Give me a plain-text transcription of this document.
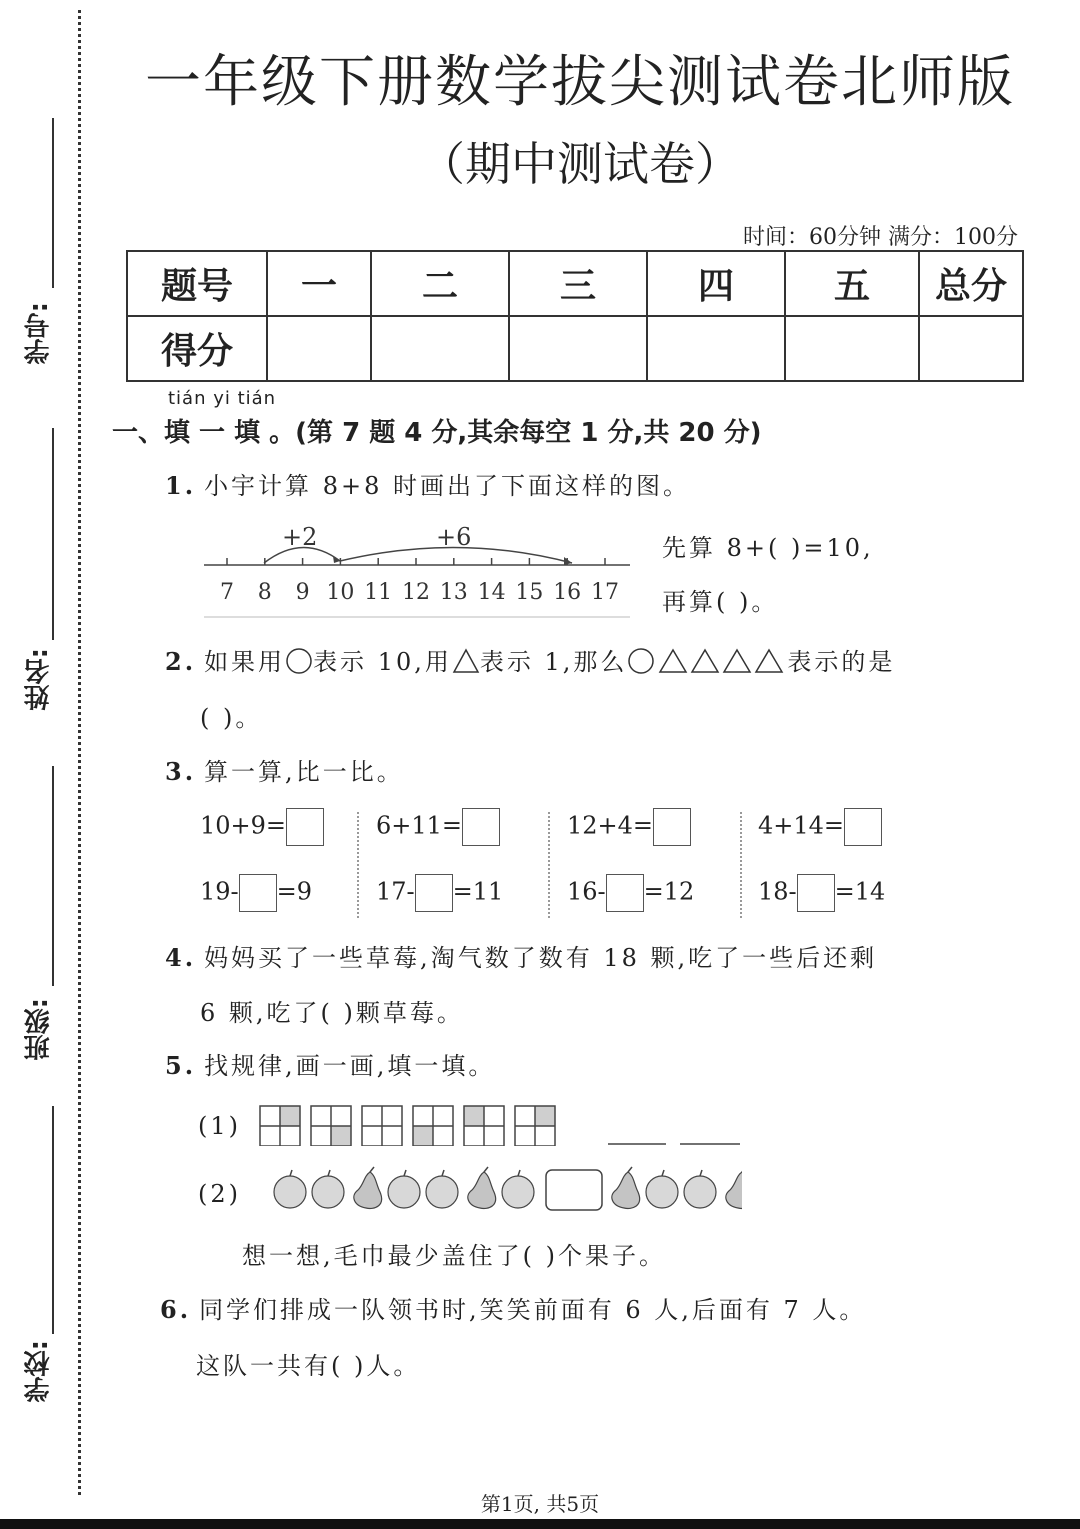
学号:
姓名:
班级:
学校:
一年级下册数学拔尖测试卷北师版
（期中测试卷）
时间：60分钟 满分：100分
题号	一	二	三	四	五	总分
得分						
tián yi tián
一、填 一 填 。(第 7 题 4 分,其余每空 1 分,共 20 分)
1. 小宇计算 8+8 时画出了下面这样的图。
+2	+6
7 8 9 10 11 12 13 14 15 16 17
先算 8+( )=10,
再算( )。
2. 如果用 表示 10,用 表示 1,那么	表示的是
( )。
3. 算一算,比一比。
10+9=	6+11=	12+4=	4+14=
19- =9	17- =11	16- =12	18- =14
4. 妈妈买了一些草莓,淘气数了数有 18 颗,吃了一些后还剩
6 颗,吃了( )颗草莓。
5. 找规律,画一画,填一填。
(1)
(2)
想一想,毛巾最少盖住了( )个果子。
6. 同学们排成一队领书时,笑笑前面有 6 人,后面有 7 人。
这队一共有( )人。
第1页, 共5页
